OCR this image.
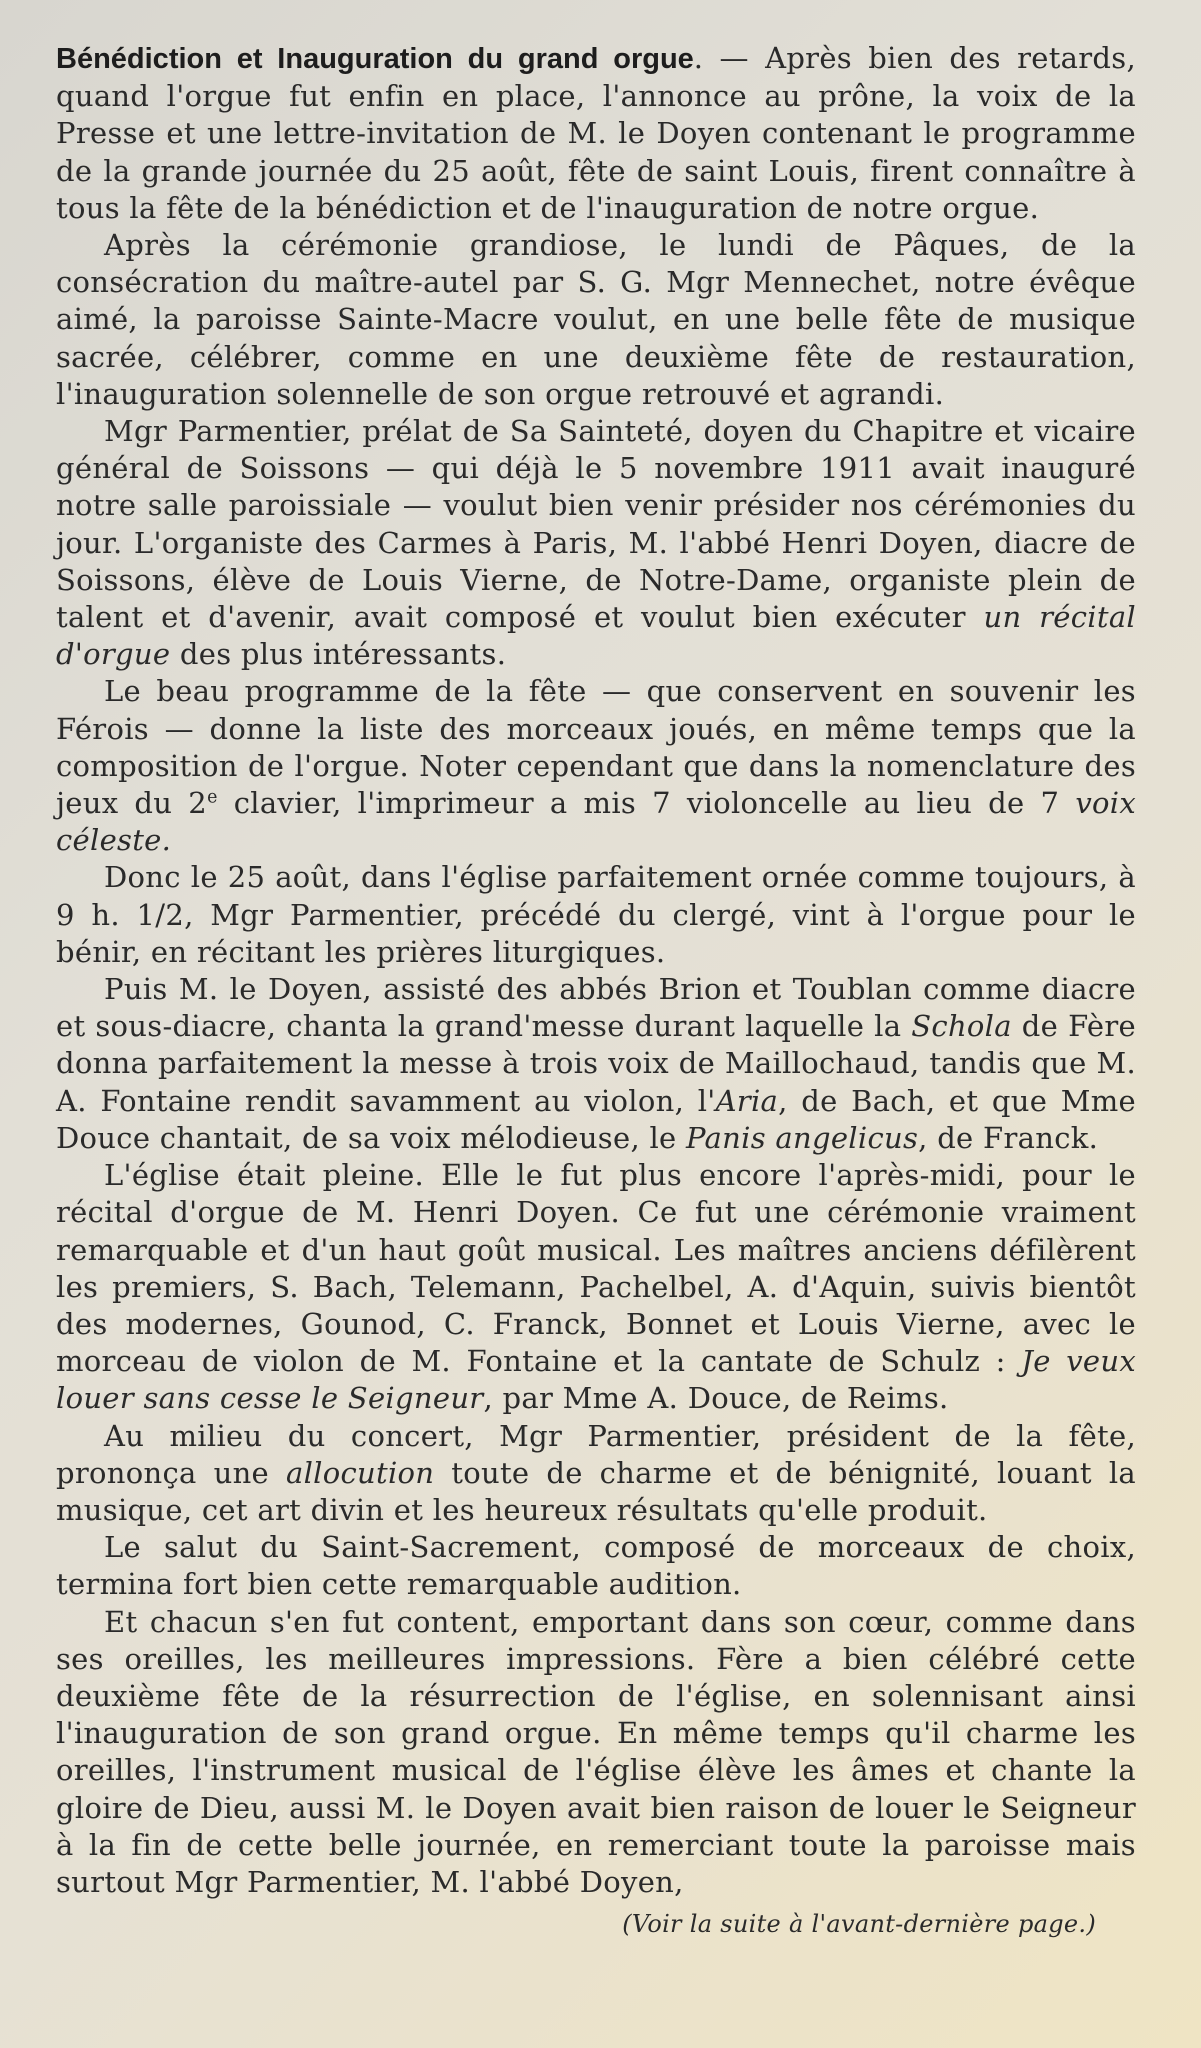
Bénédiction et Inauguration du grand orgue. — Après bien des retards, quand l'orgue fut enfin en place, l'annonce au prône, la voix de la Presse et une lettre-invitation de M. le Doyen contenant le programme de la grande journée du 25 août, fête de saint Louis, firent connaître à tous la fête de la bénédiction et de l'inauguration de notre orgue.

Après la cérémonie grandiose, le lundi de Pâques, de la consécration du maître-autel par S. G. Mgr Mennechet, notre évêque aimé, la paroisse Sainte-Macre voulut, en une belle fête de musique sacrée, célébrer, comme en une deuxième fête de restauration, l'inauguration solennelle de son orgue retrouvé et agrandi.

Mgr Parmentier, prélat de Sa Sainteté, doyen du Chapitre et vicaire général de Soissons — qui déjà le 5 novembre 1911 avait inauguré notre salle paroissiale — voulut bien venir présider nos cérémonies du jour. L'organiste des Carmes à Paris, M. l'abbé Henri Doyen, diacre de Soissons, élève de Louis Vierne, de Notre-Dame, organiste plein de talent et d'avenir, avait composé et voulut bien exécuter un récital d'orgue des plus intéressants.

Le beau programme de la fête — que conservent en souvenir les Férois — donne la liste des morceaux joués, en même temps que la composition de l'orgue. Noter cependant que dans la nomenclature des jeux du 2e clavier, l'imprimeur a mis 7 violoncelle au lieu de 7 voix céleste.

Donc le 25 août, dans l'église parfaitement ornée comme toujours, à 9 h. 1/2, Mgr Parmentier, précédé du clergé, vint à l'orgue pour le bénir, en récitant les prières liturgiques.

Puis M. le Doyen, assisté des abbés Brion et Toublan comme diacre et sous-diacre, chanta la grand'messe durant laquelle la Schola de Fère donna parfaitement la messe à trois voix de Maillochaud, tandis que M. A. Fontaine rendit savamment au violon, l'Aria, de Bach, et que Mme Douce chantait, de sa voix mélodieuse, le Panis angelicus, de Franck.

L'église était pleine. Elle le fut plus encore l'après-midi, pour le récital d'orgue de M. Henri Doyen. Ce fut une cérémonie vraiment remarquable et d'un haut goût musical. Les maîtres anciens défilèrent les premiers, S. Bach, Telemann, Pachelbel, A. d'Aquin, suivis bientôt des modernes, Gounod, C. Franck, Bonnet et Louis Vierne, avec le morceau de violon de M. Fontaine et la cantate de Schulz : Je veux louer sans cesse le Seigneur, par Mme A. Douce, de Reims.

Au milieu du concert, Mgr Parmentier, président de la fête, prononça une allocution toute de charme et de bénignité, louant la musique, cet art divin et les heureux résultats qu'elle produit.

Le salut du Saint-Sacrement, composé de morceaux de choix, termina fort bien cette remarquable audition.

Et chacun s'en fut content, emportant dans son cœur, comme dans ses oreilles, les meilleures impressions. Fère a bien célébré cette deuxième fête de la résurrection de l'église, en solennisant ainsi l'inauguration de son grand orgue. En même temps qu'il charme les oreilles, l'instrument musical de l'église élève les âmes et chante la gloire de Dieu, aussi M. le Doyen avait bien raison de louer le Seigneur à la fin de cette belle journée, en remerciant toute la paroisse mais surtout Mgr Parmentier, M. l'abbé Doyen,

(Voir la suite à l'avant-dernière page.)
